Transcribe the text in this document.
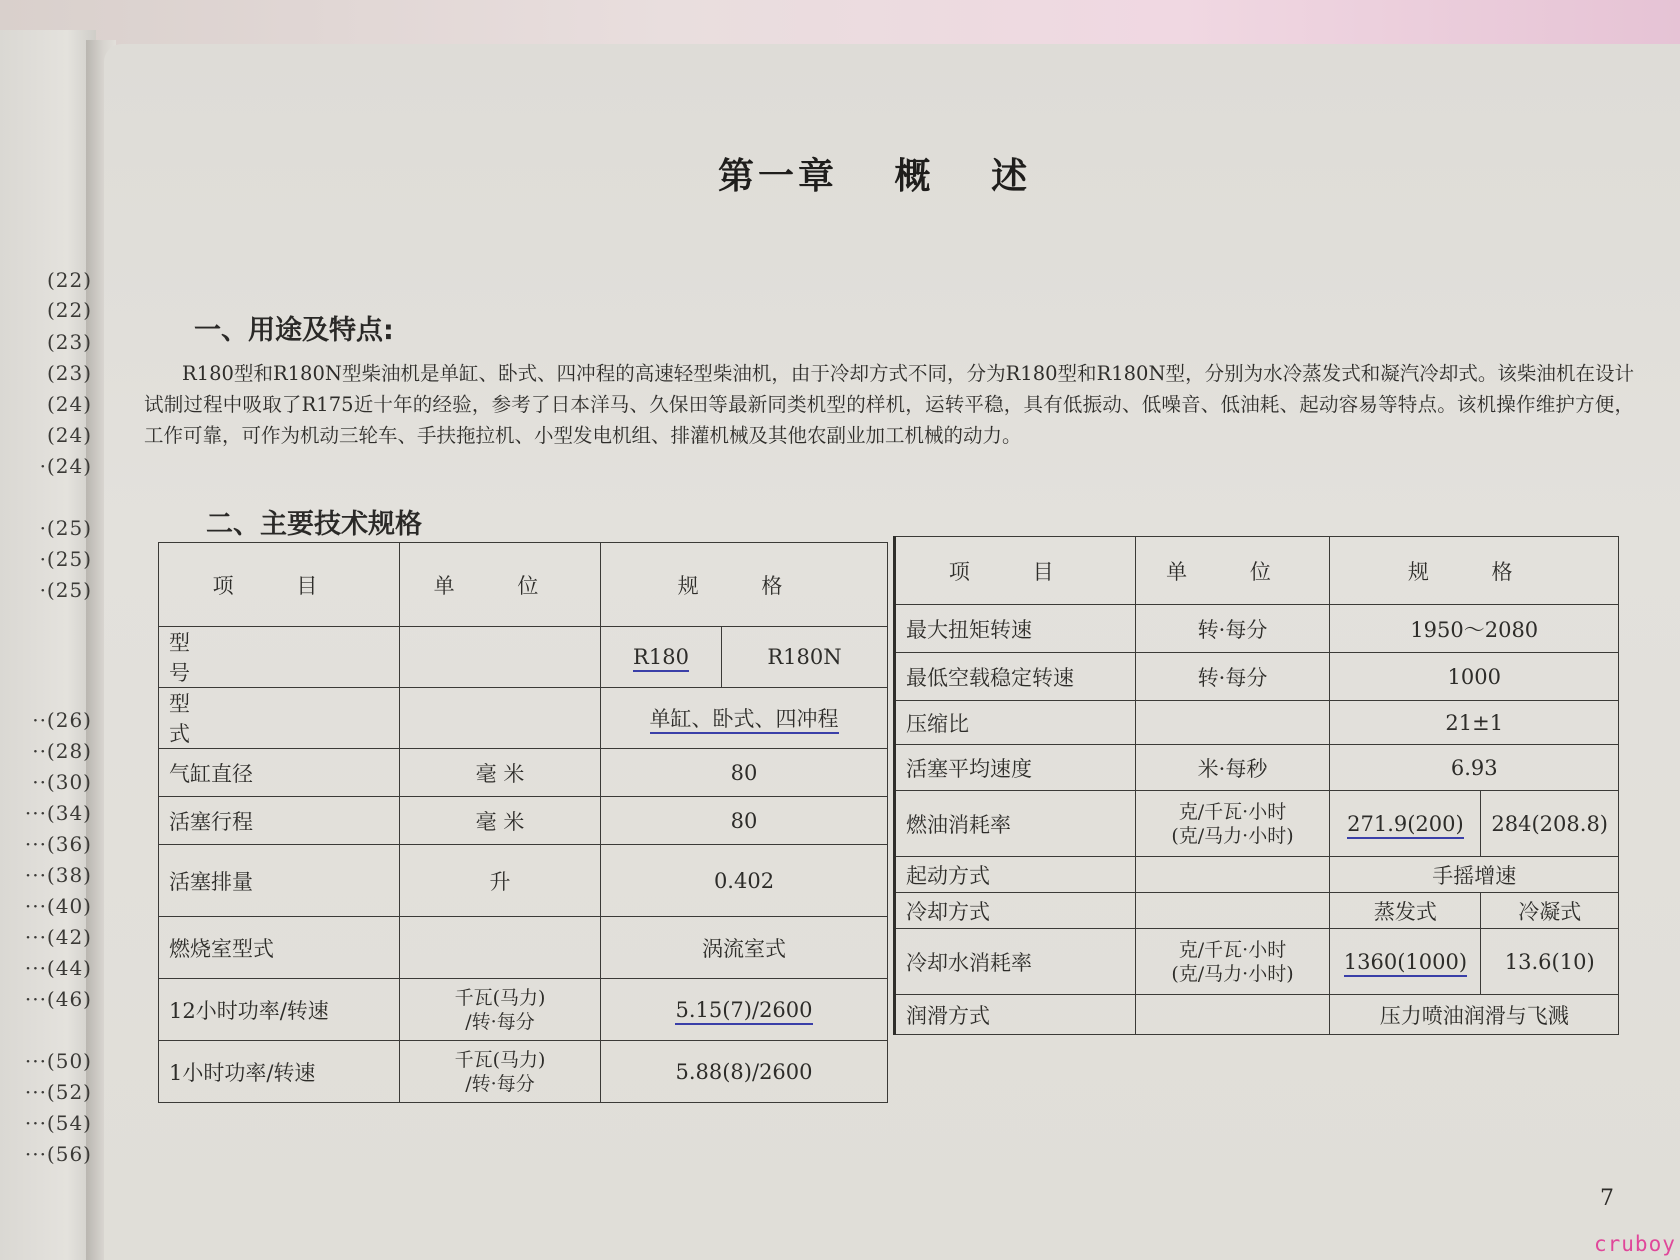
(22)
(22)
(23)
(23)
(24)
(24)
·(24)
·(25)
·(25)
·(25)
··(26)
··(28)
··(30)
···(34)
···(36)
···(38)
···(40)
···(42)
···(44)
···(46)
···(50)
···(52)
···(54)
···(56)
第一章 概 述
一、用途及特点:
R180型和R180N型柴油机是单缸、卧式、四冲程的高速轻型柴油机，由于冷却方式不同，分为R180型和R180N型，分别为水冷蒸发式和凝汽冷却式。该柴油机在设计试制过程中吸取了R175近十年的经验，参考了日本洋马、久保田等最新同类机型的样机，运转平稳，具有低振动、低噪音、低油耗、起动容易等特点。该机操作维护方便，工作可靠，可作为机动三轮车、手扶拖拉机、小型发电机组、排灌机械及其他农副业加工机械的动力。
二、主要技术规格
项 目	单 位	规 格	
型 号		R180	R180N
型 式		单缸、卧式、四冲程	
气缸直径	毫 米	80	
活塞行程	毫 米	80	
活塞排量	升	0.402	
燃烧室型式		涡流室式	
12小时功率/转速	千瓦(马力)
/转·每分	5.15(7)/2600	
1小时功率/转速	千瓦(马力)
/转·每分	5.88(8)/2600	
项 目	单 位	规 格	
最大扭矩转速	转·每分	1950～2080	
最低空载稳定转速	转·每分	1000	
压缩比		21±1	
活塞平均速度	米·每秒	6.93	
燃油消耗率	克/千瓦·小时
(克/马力·小时)	271.9(200)	284(208.8)
起动方式		手摇增速	
冷却方式		蒸发式	冷凝式
冷却水消耗率	克/千瓦·小时
(克/马力·小时)	1360(1000)	13.6(10)
润滑方式		压力喷油润滑与飞溅	
7
cruboy
